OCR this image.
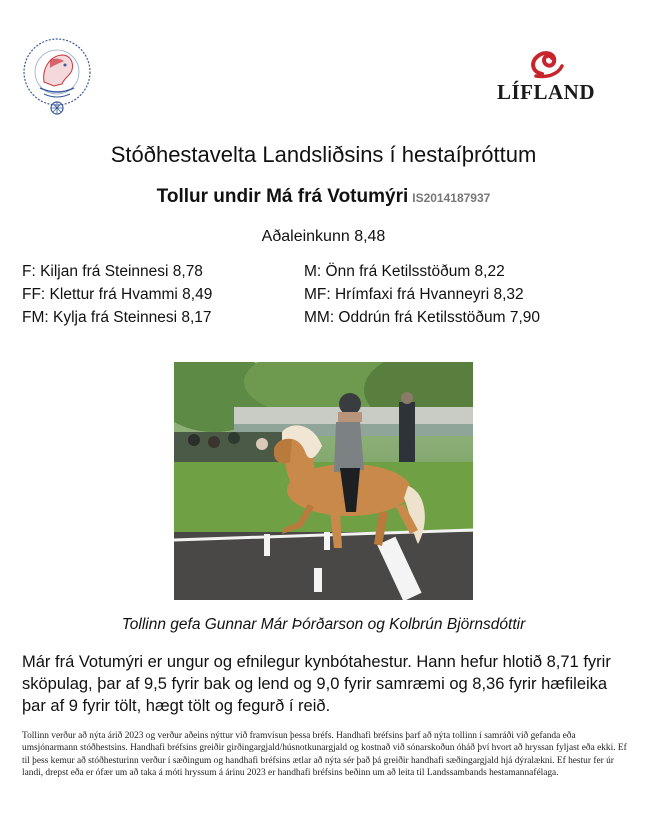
LÍFLAND
Stóðhestavelta Landsliðsins í hestaíþróttum
Tollur undir Má frá Votumýri IS2014187937
Aðaleinkunn 8,48
F: Kiljan frá Steinnesi 8,78
FF: Klettur frá Hvammi 8,49
FM: Kylja frá Steinnesi 8,17
M: Önn frá Ketilsstöðum 8,22
MF: Hrímfaxi frá Hvanneyri 8,32
MM: Oddrún frá Ketilsstöðum 7,90
Tollinn gefa Gunnar Már Þórðarson og Kolbrún Björnsdóttir
Már frá Votumýri er ungur og efnilegur kynbótahestur. Hann hefur hlotið 8,71 fyrir sköpulag, þar af 9,5 fyrir bak og lend og 9,0 fyrir samræmi og 8,36 fyrir hæfileika þar af 9 fyrir tölt, hægt tölt og fegurð í reið.
Tollinn verður að nýta árið 2023 og verður aðeins nýttur við framvísun þessa bréfs. Handhafi bréfsins þarf að nýta tollinn í samráði við gefanda eða umsjónarmann stóðhestsins. Handhafi bréfsins greiðir girðingargjald/húsnotkunargjald og kostnað við sónarskoðun óháð því hvort að hryssan fyljast eða ekki. Ef til þess kemur að stóðhesturinn verður í sæðingum og handhafi bréfsins ætlar að nýta sér það þá greiðir handhafi sæðingargjald hjá dýralækni. Ef hestur fer úr landi, drepst eða er ófær um að taka á móti hryssum á árinu 2023 er handhafi bréfsins beðinn um að leita til Landssambands hestamannafélaga.
